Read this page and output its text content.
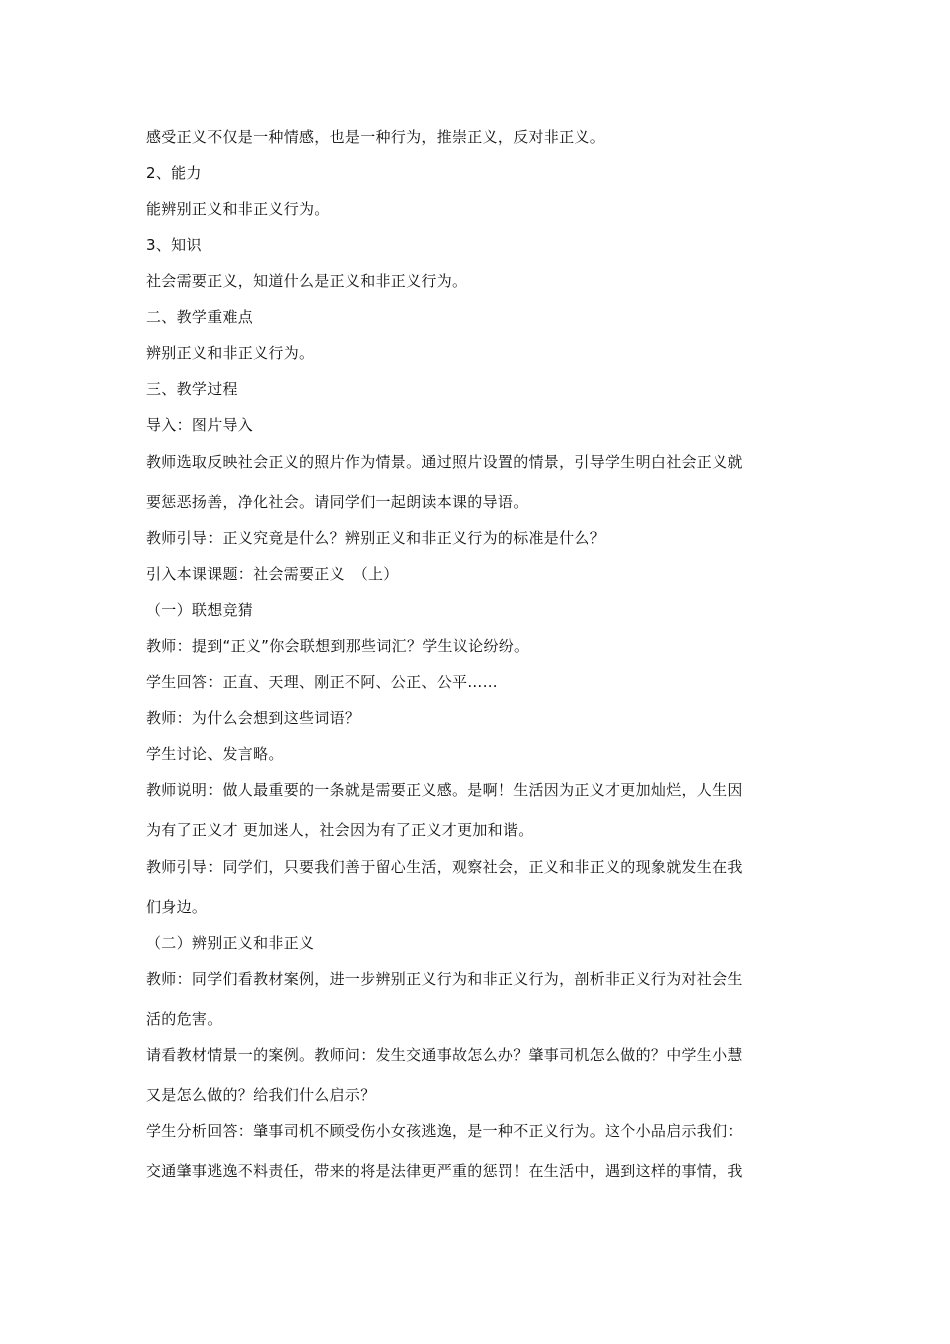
感受正义不仅是一种情感，也是一种行为，推崇正义，反对非正义。
2、能力
能辨别正义和非正义行为。
3、知识
社会需要正义，知道什么是正义和非正义行为。
二、教学重难点
辨别正义和非正义行为。
三、教学过程
导入：图片导入
教师选取反映社会正义的照片作为情景。通过照片设置的情景，引导学生明白社会正义就
要惩恶扬善，净化社会。请同学们一起朗读本课的导语。
教师引导：正义究竟是什么？辨别正义和非正义行为的标准是什么？
引入本课课题：社会需要正义　（上）
（一）联想竞猜
教师：提到“正义”你会联想到那些词汇？学生议论纷纷。
学生回答：正直、天理、刚正不阿、公正、公平……
教师：为什么会想到这些词语？
学生讨论、发言略。
教师说明：做人最重要的一条就是需要正义感。是啊！生活因为正义才更加灿烂，人生因
为有了正义才 更加迷人，社会因为有了正义才更加和谐。
教师引导：同学们，只要我们善于留心生活，观察社会，正义和非正义的现象就发生在我
们身边。
（二）辨别正义和非正义
教师：同学们看教材案例，进一步辨别正义行为和非正义行为，剖析非正义行为对社会生
活的危害。
请看教材情景一的案例。教师问：发生交通事故怎么办？肇事司机怎么做的？中学生小慧
又是怎么做的？给我们什么启示？
学生分析回答：肇事司机不顾受伤小女孩逃逸，是一种不正义行为。这个小品启示我们：
交通肇事逃逸不料责任，带来的将是法律更严重的惩罚！在生活中，遇到这样的事情，我
